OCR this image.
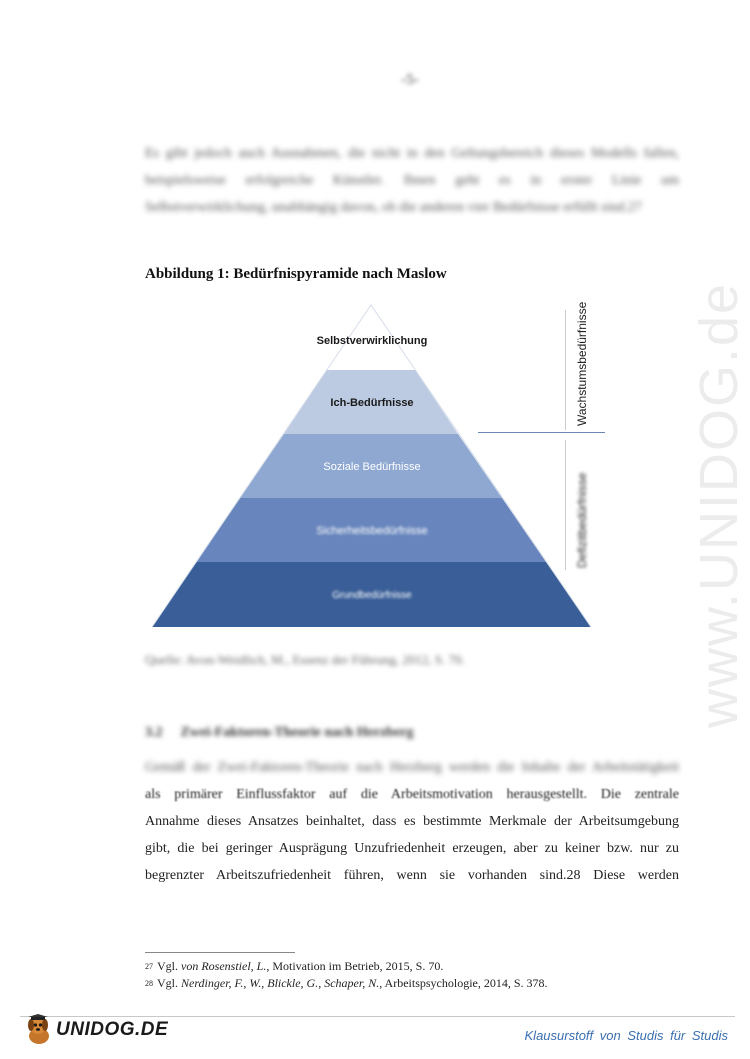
-5-
Es gibt jedoch auch Ausnahmen, die nicht in den Geltungsbereich dieses Modells fallen,
beispielsweise erfolgreiche Künstler. Ihnen geht es in erster Linie um
Selbstverwirklichung, unabhängig davon, ob die anderen vier Bedürfnisse erfüllt sind.27
Abbildung 1: Bedürfnispyramide nach Maslow
Selbstverwirklichung
Ich-Bedürfnisse
Soziale Bedürfnisse
Sicherheitsbedürfnisse
Grundbedürfnisse
Wachstumsbedürfnisse
Defizitbedürfnisse
Quelle: Avon-Weidlich, M., Essenz der Führung, 2012, S. 70.
3.2 Zwei-Faktoren-Theorie nach Herzberg
Gemäß der Zwei-Faktoren-Theorie nach Herzberg werden die Inhalte der Arbeitstätigkeit
als primärer Einflussfaktor auf die Arbeitsmotivation herausgestellt. Die zentrale
Annahme dieses Ansatzes beinhaltet, dass es bestimmte Merkmale der Arbeitsumgebung
gibt, die bei geringer Ausprägung Unzufriedenheit erzeugen, aber zu keiner bzw. nur zu
begrenzter Arbeitszufriedenheit führen, wenn sie vorhanden sind.28 Diese werden
www.UNIDOG.de
$^{27}$ Vgl. von Rosenstiel, L., Motivation im Betrieb, 2015, S. 70.
$^{28}$ Vgl. Nerdinger, F., W., Blickle, G., Schaper, N., Arbeitspsychologie, 2014, S. 378.
UNIDOG.DE	Klausurstoff von Studis für Studis
